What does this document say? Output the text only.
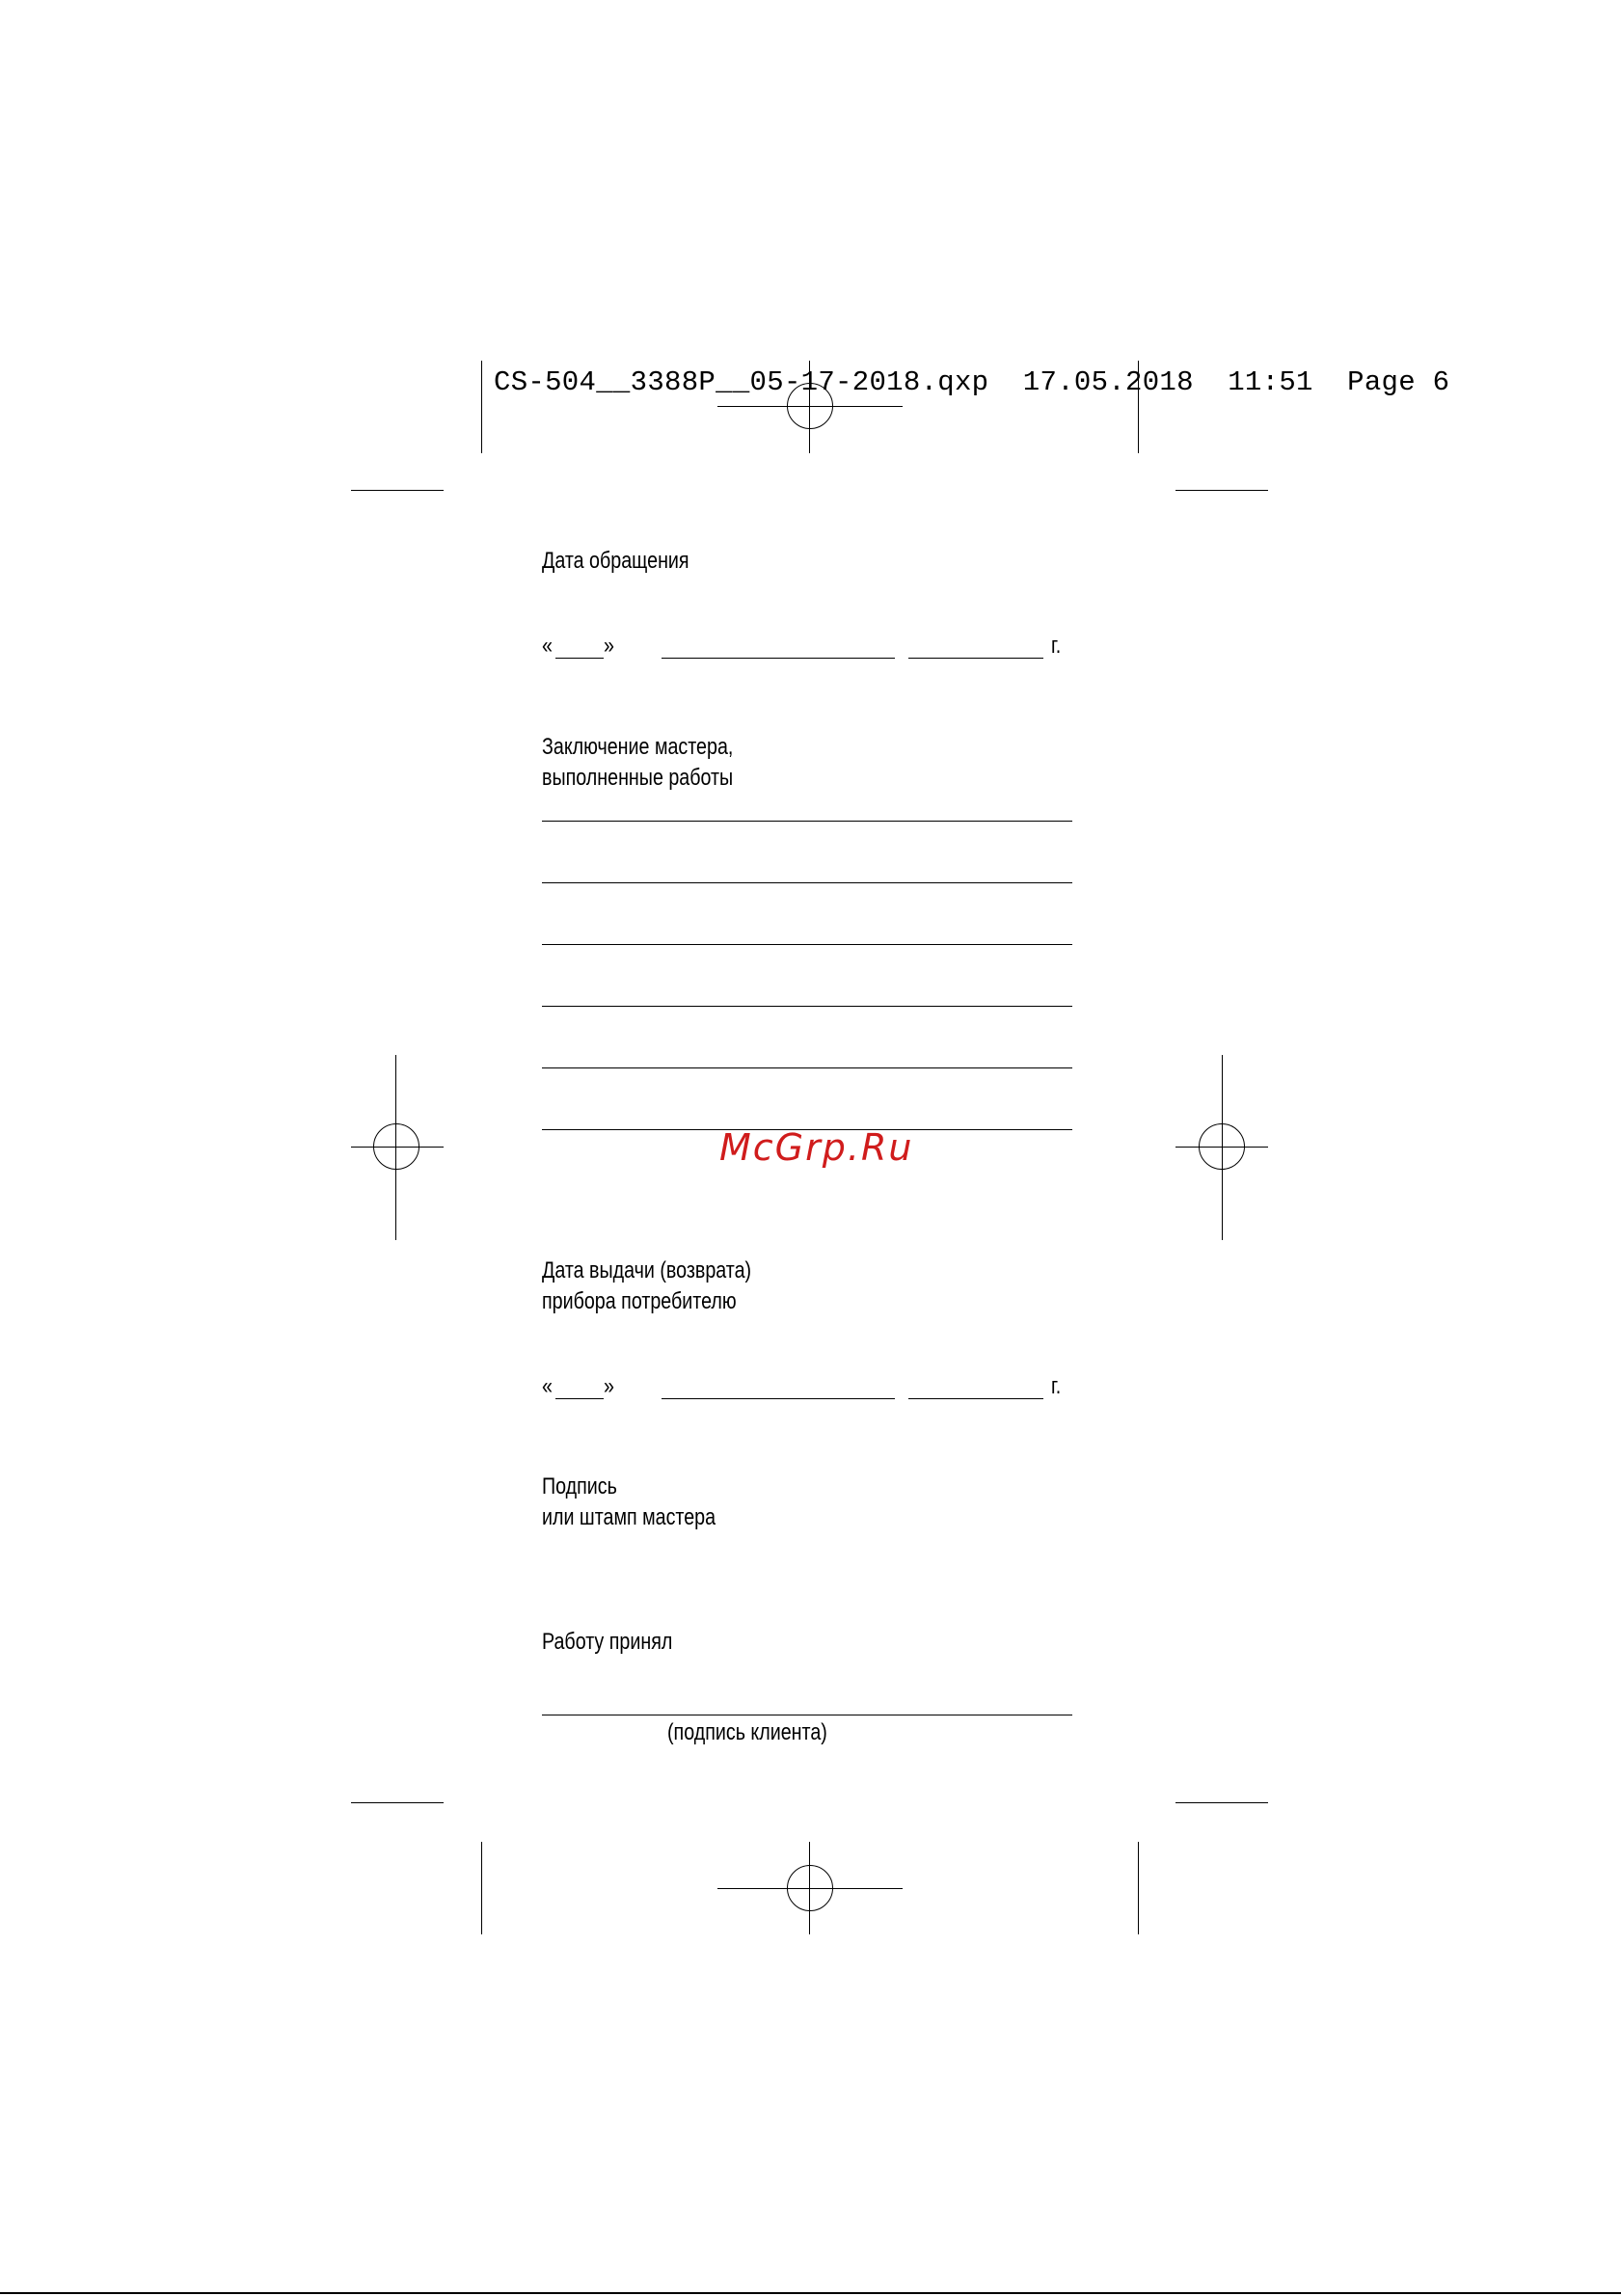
CS-504__3388P__05-17-2018.qxp  17.05.2018  11:51  Page 6
Дата обращения
« »	г.
Заключение мастера,
выполненные работы
McGrp.Ru
Дата выдачи (возврата)
прибора потребителю
« »	г.
Подпись
или штамп мастера
Работу принял
(подпись клиента)
